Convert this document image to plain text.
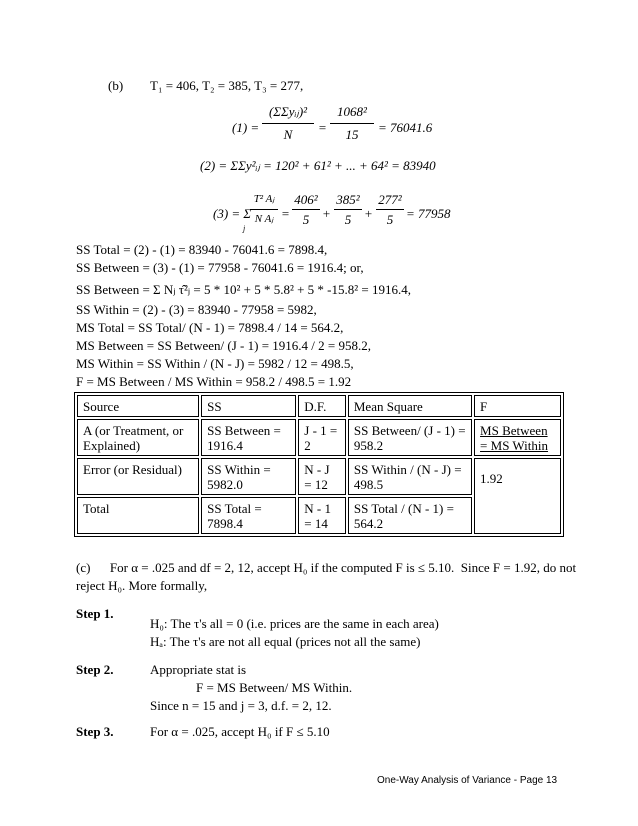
(b) T₁ = 406, T₂ = 385, T₃ = 277,
(1) =
(ΣΣyᵢⱼ)²
N	=
1068²
15	= 76041.6
(2) = ΣΣy²ᵢⱼ = 120² + 61² + ... + 64² = 83940
(3) = Σ
j
T² Aⱼ
N Aⱼ =
406²
5 +
385²
5 +
277²
5 = 77958
SS Total = (2) - (1) = 83940 - 76041.6 = 7898.4,
SS Between = (3) - (1) = 77958 - 76041.6 = 1916.4; or,
SS Between = Σ Nⱼ τ̂²ⱼ = 5 * 10² + 5 * 5.8² + 5 * -15.8² = 1916.4,
SS Within = (2) - (3) = 83940 - 77958 = 5982,
MS Total = SS Total/ (N - 1) = 7898.4 / 14 = 564.2,
MS Between = SS Between/ (J - 1) = 1916.4 / 2 = 958.2,
MS Within = SS Within / (N - J) = 5982 / 12 = 498.5,
F = MS Between / MS Within = 958.2 / 498.5 = 1.92
Source	SS	D.F.	Mean Square	F
A (or Treatment, or Explained)	SS Between = 1916.4	J - 1 = 2	SS Between/ (J - 1) = 958.2	MS Between = MS Within
Error (or Residual)	SS Within = 5982.0	N - J = 12	SS Within / (N - J) = 498.5	1.92
Total	SS Total = 7898.4	N - 1 = 14	SS Total / (N - 1) = 564.2	
(c)      For α = .025 and df = 2, 12, accept H₀ if the computed F is ≤ 5.10.  Since F = 1.92, do not
reject H₀. More formally,
Step 1.
H₀: The τ's all = 0 (i.e. prices are the same in each area)
Hₐ: The τ's are not all equal (prices not all the same)
Step 2.	Appropriate stat is
F = MS Between/ MS Within.
Since n = 15 and j = 3, d.f. = 2, 12.
Step 3.	For α = .025, accept H₀ if F ≤ 5.10
One-Way Analysis of Variance - Page 13
